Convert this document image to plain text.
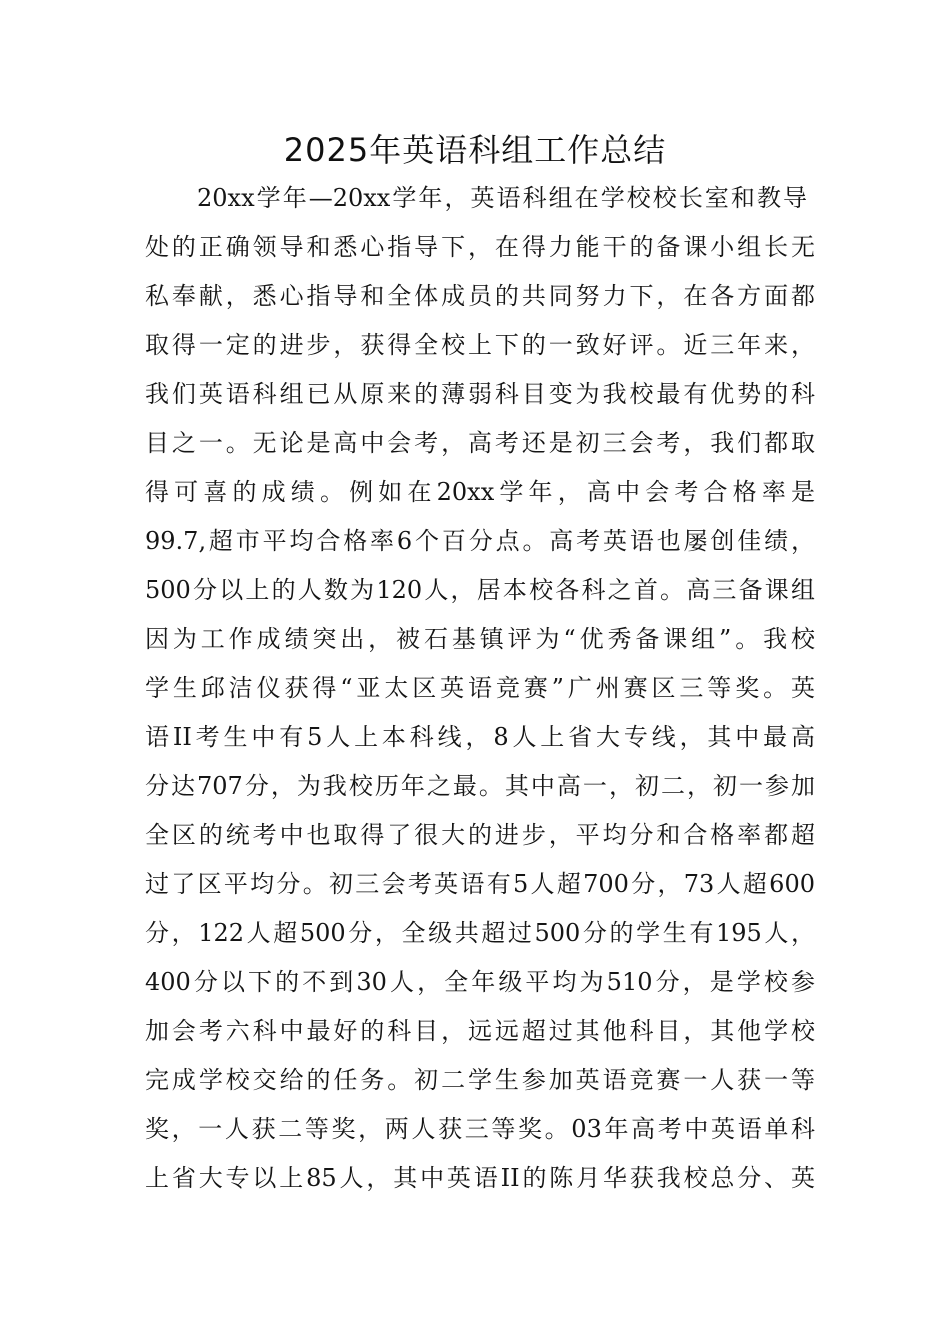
2025年英语科组工作总结
20xx学年—20xx学年，英语科组在学校校长室和教导
处的正确领导和悉心指导下，在得力能干的备课小组长无
私奉献，悉心指导和全体成员的共同努力下，在各方面都
取得一定的进步，获得全校上下的一致好评。近三年来，
我们英语科组已从原来的薄弱科目变为我校最有优势的科
目之一。无论是高中会考，高考还是初三会考，我们都取
得可喜的成绩。例如在20xx学年，高中会考合格率是
99.7,超市平均合格率6个百分点。高考英语也屡创佳绩，
500分以上的人数为120人，居本校各科之首。高三备课组
因为工作成绩突出，被石基镇评为“优秀备课组”。我校
学生邱洁仪获得“亚太区英语竞赛”广州赛区三等奖。英
语II考生中有5人上本科线，8人上省大专线，其中最高
分达707分，为我校历年之最。其中高一，初二，初一参加
全区的统考中也取得了很大的进步，平均分和合格率都超
过了区平均分。初三会考英语有5人超700分，73人超600
分，122人超500分，全级共超过500分的学生有195人，
400分以下的不到30人，全年级平均为510分，是学校参
加会考六科中最好的科目，远远超过其他科目，其他学校
完成学校交给的任务。初二学生参加英语竞赛一人获一等
奖，一人获二等奖，两人获三等奖。03年高考中英语单科
上省大专以上85人，其中英语II的陈月华获我校总分、英
